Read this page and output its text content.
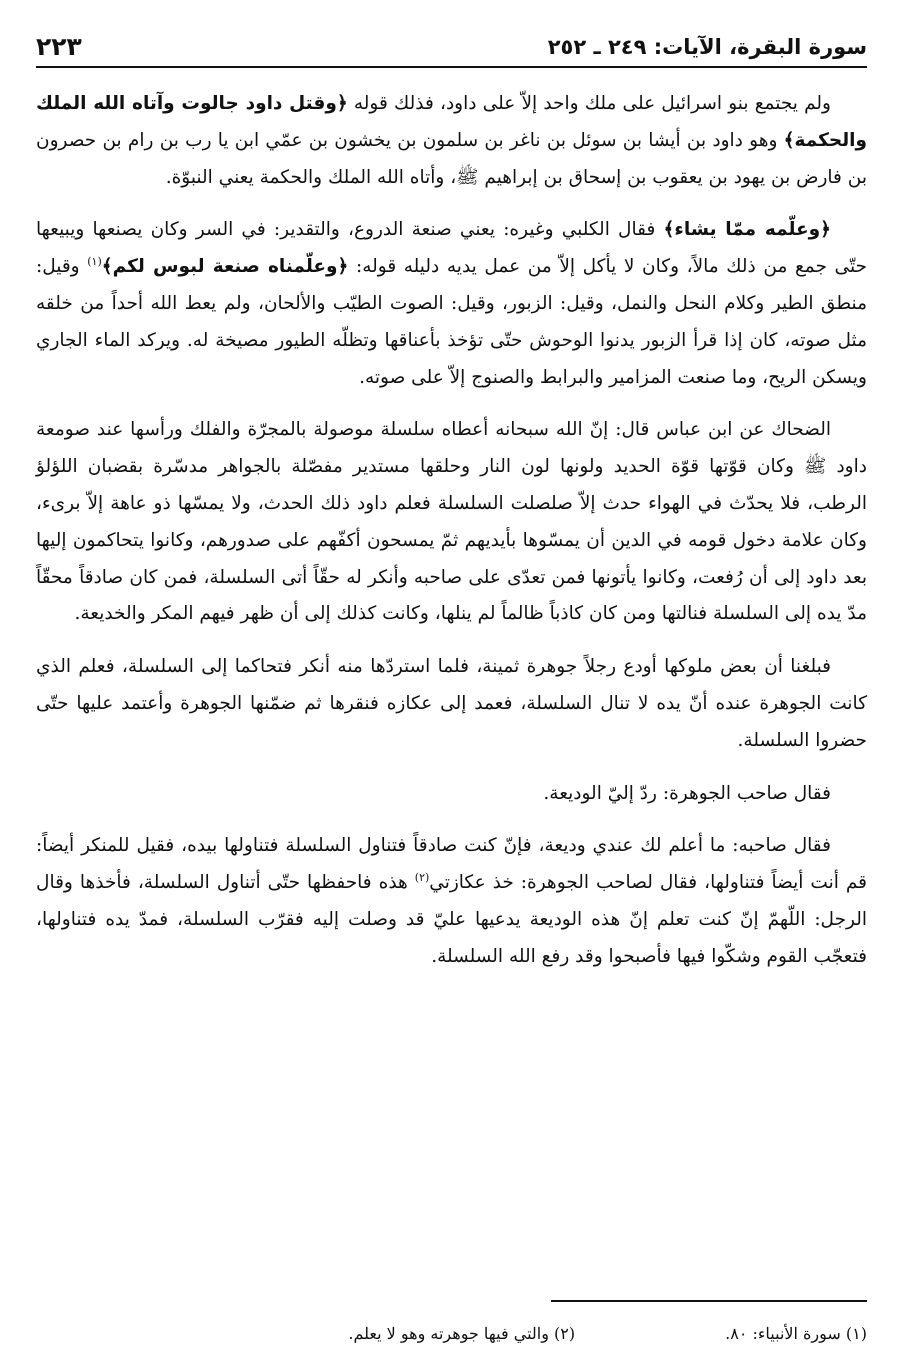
سورة البقرة، الآيات: ٢٤٩ ـ ٢٥٢
٢٢٣

ولم يجتمع بنو اسرائيل على ملك واحد إلاّ على داود، فذلك قوله ﴿وقتل داود جالوت وآتاه الله الملك والحكمة﴾ وهو داود بن أيشا بن سوئل بن ناغر بن سلمون بن يخشون بن عمّي ابن يا رب بن رام بن حصرون بن فارض بن يهود بن يعقوب بن إسحاق بن إبراهيم ﷺ، وأتاه الله الملك والحكمة يعني النبوّة.

﴿وعلّمه ممّا يشاء﴾ فقال الكلبي وغيره: يعني صنعة الدروع، والتقدير: في السر وكان يصنعها ويبيعها حتّى جمع من ذلك مالاً، وكان لا يأكل إلاّ من عمل يديه دليله قوله: ﴿وعلّمناه صنعة لبوس لكم﴾$^{(١)}$ وقيل: منطق الطير وكلام النحل والنمل، وقيل: الزبور، وقيل: الصوت الطيّب والألحان، ولم يعط الله أحداً من خلقه مثل صوته، كان إذا قرأ الزبور يدنوا الوحوش حتّى تؤخذ بأعناقها وتظلّه الطيور مصيخة له. ويركد الماء الجاري ويسكن الريح، وما صنعت المزامير والبرابط والصنوج إلاّ على صوته.

الضحاك عن ابن عباس قال: إنّ الله سبحانه أعطاه سلسلة موصولة بالمجرّة والفلك ورأسها عند صومعة داود ﷺ وكان قوّتها قوّة الحديد ولونها لون النار وحلقها مستدير مفصّلة بالجواهر مدسّرة بقضبان اللؤلؤ الرطب، فلا يحدّث في الهواء حدث إلاّ صلصلت السلسلة فعلم داود ذلك الحدث، ولا يمسّها ذو عاهة إلاّ برىء، وكان علامة دخول قومه في الدين أن يمسّوها بأيديهم ثمّ يمسحون أكفّهم على صدورهم، وكانوا يتحاكمون إليها بعد داود إلى أن رُفعت، وكانوا يأتونها فمن تعدّى على صاحبه وأنكر له حقّاً أتى السلسلة، فمن كان صادقاً محقّاً مدّ يده إلى السلسلة فنالتها ومن كان كاذباً ظالماً لم ينلها، وكانت كذلك إلى أن ظهر فيهم المكر والخديعة.

فبلغنا أن بعض ملوكها أودع رجلاً جوهرة ثمينة، فلما استردّها منه أنكر فتحاكما إلى السلسلة، فعلم الذي كانت الجوهرة عنده أنّ يده لا تنال السلسلة، فعمد إلى عكازه فنقرها ثم ضمّنها الجوهرة وأعتمد عليها حتّى حضروا السلسلة.

فقال صاحب الجوهرة: ردّ إليّ الوديعة.

فقال صاحبه: ما أعلم لك عندي وديعة، فإنّ كنت صادقاً فتناول السلسلة فتناولها بيده، فقيل للمنكر أيضاً: قم أنت أيضاً فتناولها، فقال لصاحب الجوهرة: خذ عكازتي$^{(٢)}$ هذه فاحفظها حتّى أتناول السلسلة، فأخذها وقال الرجل: اللّهمّ إنّ كنت تعلم إنّ هذه الوديعة يدعيها عليّ قد وصلت إليه فقرّب السلسلة، فمدّ يده فتناولها، فتعجّب القوم وشكّوا فيها فأصبحوا وقد رفع الله السلسلة.

(١) سورة الأنبياء: ٨٠.
(٢) والتي فيها جوهرته وهو لا يعلم.
